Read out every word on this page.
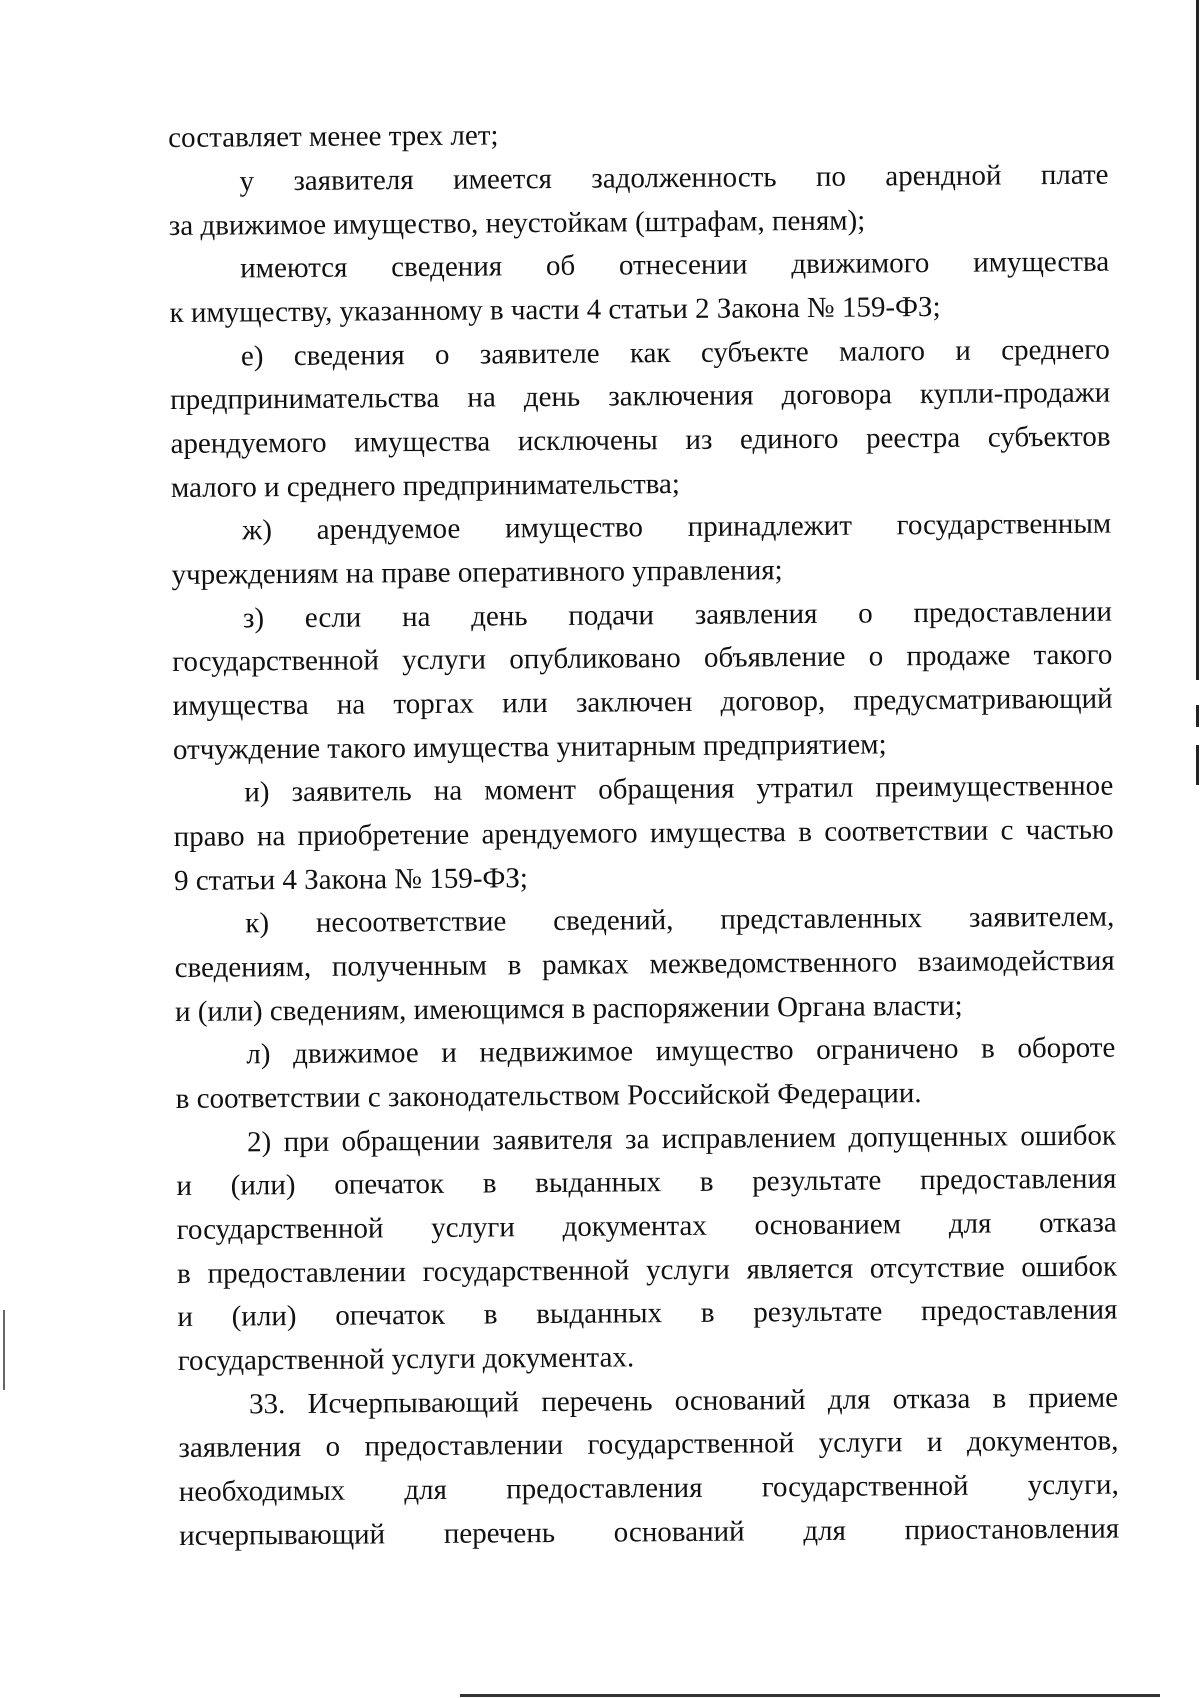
составляет менее трех лет;
у заявителя имеется задолженность по арендной плате
за движимое имущество, неустойкам (штрафам, пеням);
имеются сведения об отнесении движимого имущества
к имуществу, указанному в части 4 статьи 2 Закона № 159-ФЗ;
е) сведения о заявителе как субъекте малого и среднего
предпринимательства на день заключения договора купли-продажи
арендуемого имущества исключены из единого реестра субъектов
малого и среднего предпринимательства;
ж) арендуемое имущество принадлежит государственным
учреждениям на праве оперативного управления;
з) если на день подачи заявления о предоставлении
государственной услуги опубликовано объявление о продаже такого
имущества на торгах или заключен договор, предусматривающий
отчуждение такого имущества унитарным предприятием;
и) заявитель на момент обращения утратил преимущественное
право на приобретение арендуемого имущества в соответствии с частью
9 статьи 4 Закона № 159-ФЗ;
к) несоответствие сведений, представленных заявителем,
сведениям, полученным в рамках межведомственного взаимодействия
и (или) сведениям, имеющимся в распоряжении Органа власти;
л) движимое и недвижимое имущество ограничено в обороте
в соответствии с законодательством Российской Федерации.
2) при обращении заявителя за исправлением допущенных ошибок
и (или) опечаток в выданных в результате предоставления
государственной услуги документах основанием для отказа
в предоставлении государственной услуги является отсутствие ошибок
и (или) опечаток в выданных в результате предоставления
государственной услуги документах.
33. Исчерпывающий перечень оснований для отказа в приеме
заявления о предоставлении государственной услуги и документов,
необходимых для предоставления государственной услуги,
исчерпывающий перечень оснований для приостановления
